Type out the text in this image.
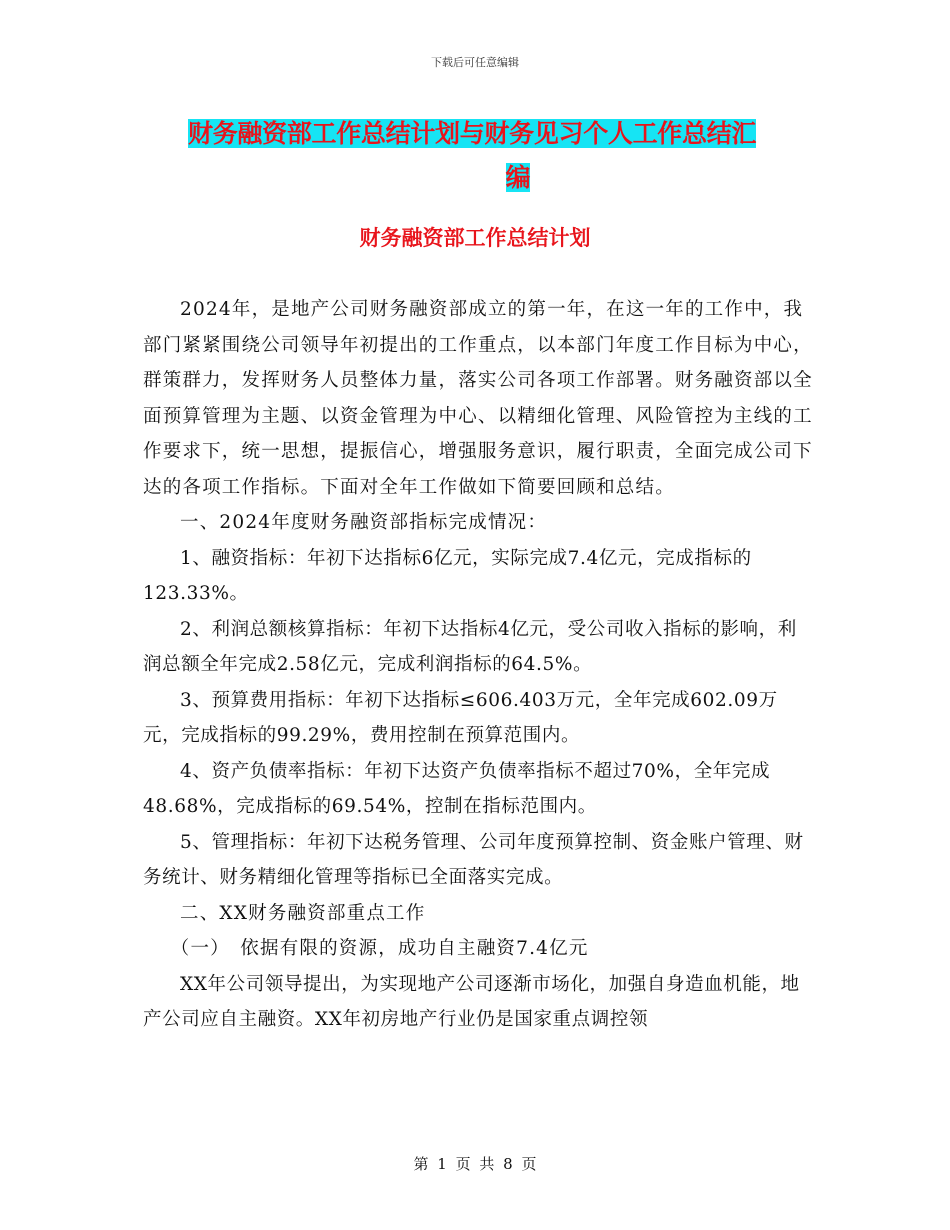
下载后可任意编辑
财务融资部工作总结计划与财务见习个人工作总结汇
编
财务融资部工作总结计划

2024年，是地产公司财务融资部成立的第一年，在这一年的工作中，我部门紧紧围绕公司领导年初提出的工作重点，以本部门年度工作目标为中心，群策群力，发挥财务人员整体力量，落实公司各项工作部署。财务融资部以全面预算管理为主题、以资金管理为中心、以精细化管理、风险管控为主线的工作要求下，统一思想，提振信心，增强服务意识，履行职责，全面完成公司下达的各项工作指标。下面对全年工作做如下简要回顾和总结。

一、2024年度财务融资部指标完成情况：

1、融资指标：年初下达指标6亿元，实际完成7.4亿元，完成指标的 123.33%。

2、利润总额核算指标：年初下达指标4亿元，受公司收入指标的影响，利润总额全年完成2.58亿元，完成利润指标的64.5%。

3、预算费用指标：年初下达指标≤606.403万元，全年完成602.09万元，完成指标的99.29%，费用控制在预算范围内。

4、资产负债率指标：年初下达资产负债率指标不超过70%，全年完成48.68%，完成指标的69.54%，控制在指标范围内。

5、管理指标：年初下达税务管理、公司年度预算控制、资金账户管理、财务统计、财务精细化管理等指标已全面落实完成。

二、XX财务融资部重点工作

（一）　依据有限的资源，成功自主融资7.4亿元

XX年公司领导提出，为实现地产公司逐渐市场化，加强自身造血机能，地产公司应自主融资。XX年初房地产行业仍是国家重点调控领

第 1 页 共 8 页
